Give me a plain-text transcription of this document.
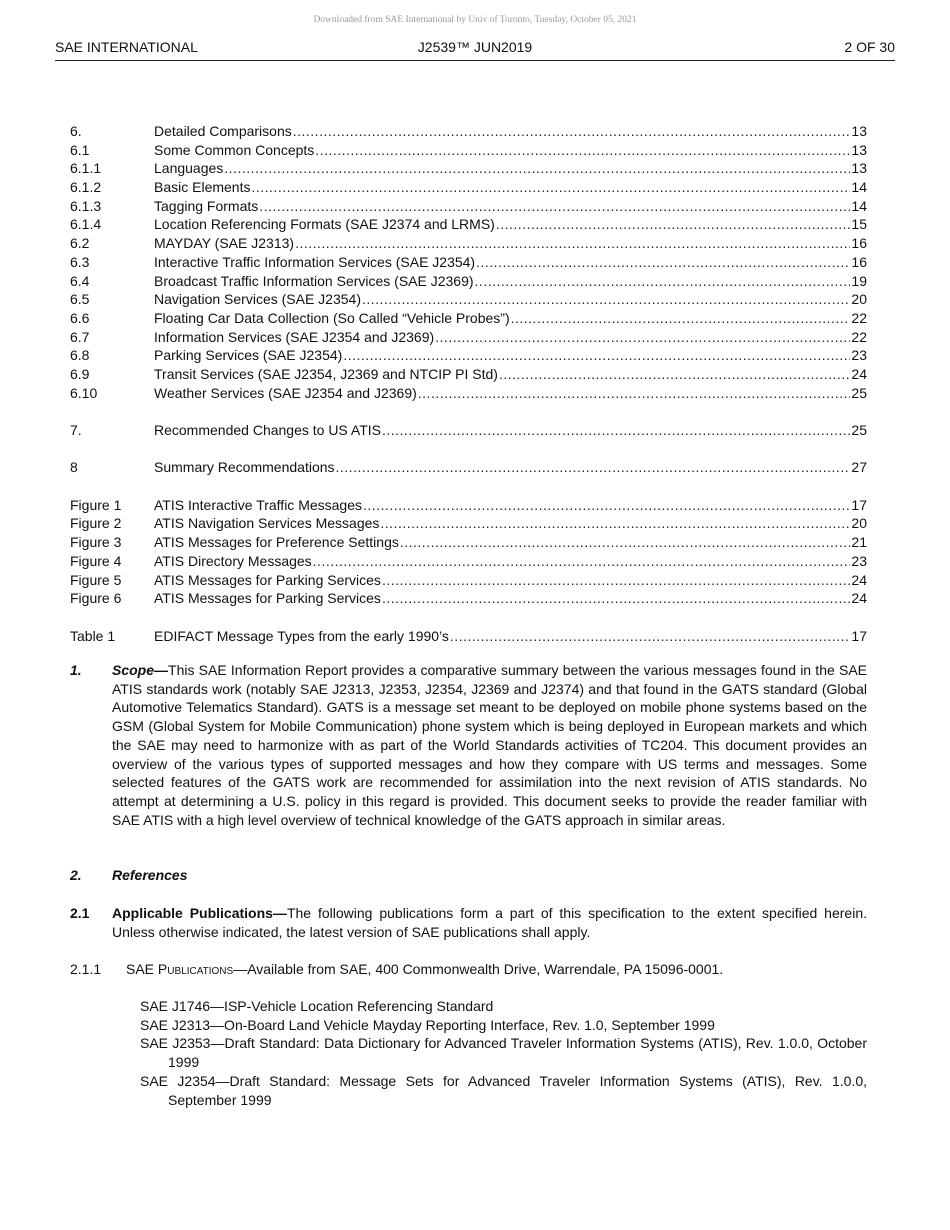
Downloaded from SAE International by Univ of Toronto, Tuesday, October 05, 2021
SAE INTERNATIONAL	J2539™ JUN2019	2 OF 30
6.	Detailed Comparisons .....	13
6.1	Some Common Concepts .....	13
6.1.1	Languages .....	13
6.1.2	Basic Elements .....	14
6.1.3	Tagging Formats .....	14
6.1.4	Location Referencing Formats (SAE J2374 and LRMS) .....	15
6.2	MAYDAY (SAE J2313) .....	16
6.3	Interactive Traffic Information Services (SAE J2354) .....	16
6.4	Broadcast Traffic Information Services (SAE J2369) .....	19
6.5	Navigation Services (SAE J2354) .....	20
6.6	Floating Car Data Collection (So Called “Vehicle Probes”) .....	22
6.7	Information Services (SAE J2354 and J2369) .....	22
6.8	Parking Services (SAE J2354) .....	23
6.9	Transit Services (SAE J2354, J2369 and NTCIP PI Std) .....	24
6.10	Weather Services (SAE J2354 and J2369) .....	25
7.	Recommended Changes to US ATIS .....	25
8	Summary Recommendations .....	27
Figure 1	ATIS Interactive Traffic Messages .....	17
Figure 2	ATIS Navigation Services Messages .....	20
Figure 3	ATIS Messages for Preference Settings .....	21
Figure 4	ATIS Directory Messages .....	23
Figure 5	ATIS Messages for Parking Services .....	24
Figure 6	ATIS Messages for Parking Services .....	24
Table 1	EDIFACT Message Types from the early 1990’s .....	17
1.	Scope—This SAE Information Report provides a comparative summary between the various messages found in the SAE ATIS standards work (notably SAE J2313, J2353, J2354, J2369 and J2374) and that found in the GATS standard (Global Automotive Telematics Standard). GATS is a message set meant to be deployed on mobile phone systems based on the GSM (Global System for Mobile Communication) phone system which is being deployed in European markets and which the SAE may need to harmonize with as part of the World Standards activities of TC204. This document provides an overview of the various types of supported messages and how they compare with US terms and messages. Some selected features of the GATS work are recommended for assimilation into the next revision of ATIS standards. No attempt at determining a U.S. policy in this regard is provided. This document seeks to provide the reader familiar with SAE ATIS with a high level overview of technical knowledge of the GATS approach in similar areas.
2.	References
2.1	Applicable Publications—The following publications form a part of this specification to the extent specified herein. Unless otherwise indicated, the latest version of SAE publications shall apply.
2.1.1	SAE Publications—Available from SAE, 400 Commonwealth Drive, Warrendale, PA 15096-0001.
SAE J1746—ISP-Vehicle Location Referencing Standard
SAE J2313—On-Board Land Vehicle Mayday Reporting Interface, Rev. 1.0, September 1999
SAE J2353—Draft Standard: Data Dictionary for Advanced Traveler Information Systems (ATIS), Rev. 1.0.0, October 1999
SAE J2354—Draft Standard: Message Sets for Advanced Traveler Information Systems (ATIS), Rev. 1.0.0, September 1999
